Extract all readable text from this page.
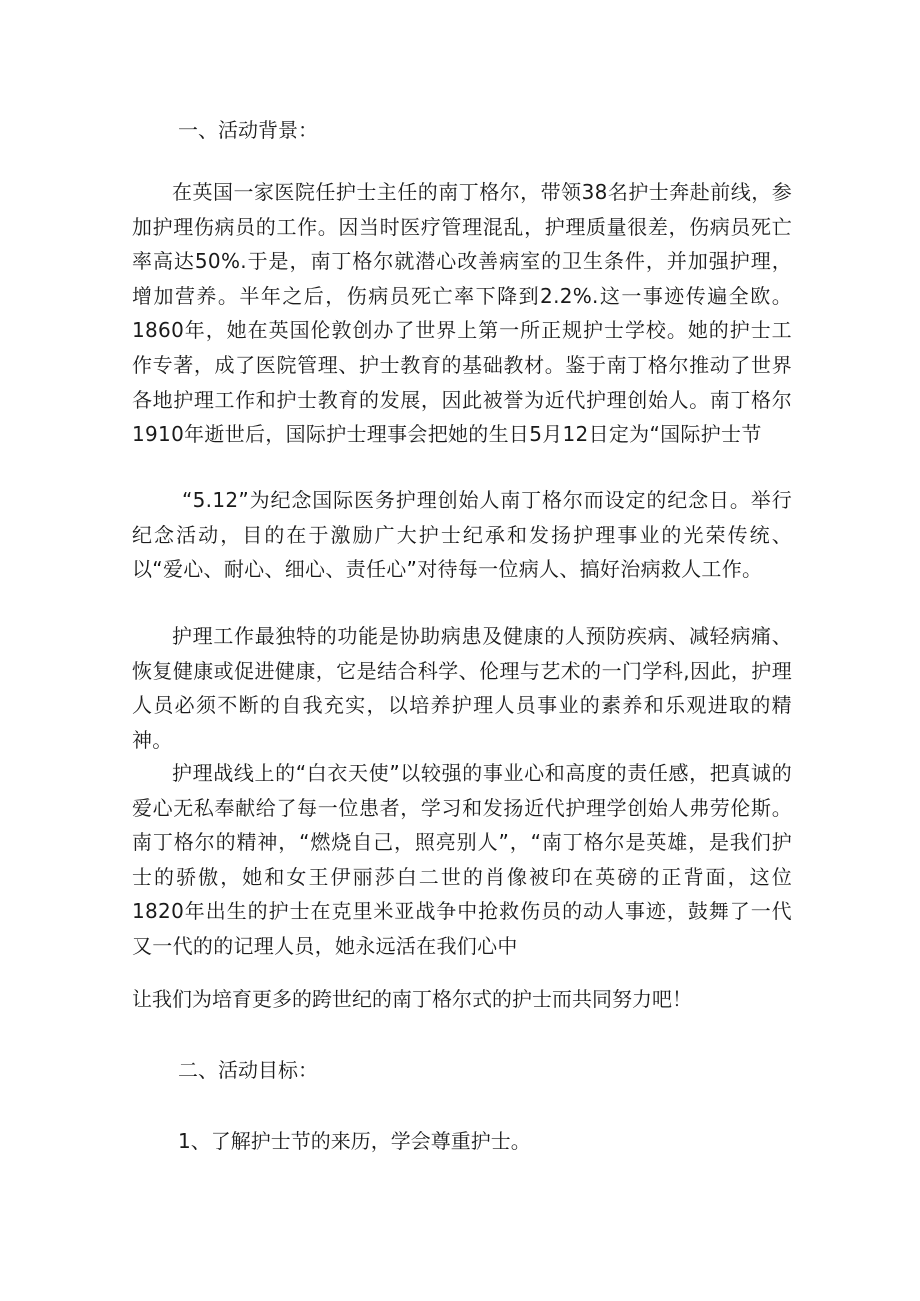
一、活动背景：

在英国一家医院任护士主任的南丁格尔，带领38名护士奔赴前线，参加护理伤病员的工作。因当时医疗管理混乱，护理质量很差，伤病员死亡率高达50%.于是，南丁格尔就潜心改善病室的卫生条件，并加强护理，增加营养。半年之后，伤病员死亡率下降到2.2%.这一事迹传遍全欧。1860年，她在英国伦敦创办了世界上第一所正规护士学校。她的护士工作专著，成了医院管理、护士教育的基础教材。鉴于南丁格尔推动了世界各地护理工作和护士教育的发展，因此被誉为近代护理创始人。南丁格尔1910年逝世后，国际护士理事会把她的生日5月12日定为“国际护士节

“5.12”为纪念国际医务护理创始人南丁格尔而设定的纪念日。举行纪念活动，目的在于激励广大护士纪承和发扬护理事业的光荣传统、以“爱心、耐心、细心、责任心”对待每一位病人、搞好治病救人工作。

护理工作最独特的功能是协助病患及健康的人预防疾病、减轻病痛、恢复健康或促进健康，它是结合科学、伦理与艺术的一门学科,因此，护理人员必须不断的自我充实，以培养护理人员事业的素养和乐观进取的精神。

护理战线上的“白衣天使”以较强的事业心和高度的责任感，把真诚的爱心无私奉献给了每一位患者，学习和发扬近代护理学创始人弗劳伦斯。南丁格尔的精神，“燃烧自己，照亮别人”，“南丁格尔是英雄，是我们护士的骄傲，她和女王伊丽莎白二世的肖像被印在英磅的正背面，这位1820年出生的护士在克里米亚战争中抢救伤员的动人事迹，鼓舞了一代又一代的的记理人员，她永远活在我们心中

让我们为培育更多的跨世纪的南丁格尔式的护士而共同努力吧！

二、活动目标：

1、了解护士节的来历，学会尊重护士。
